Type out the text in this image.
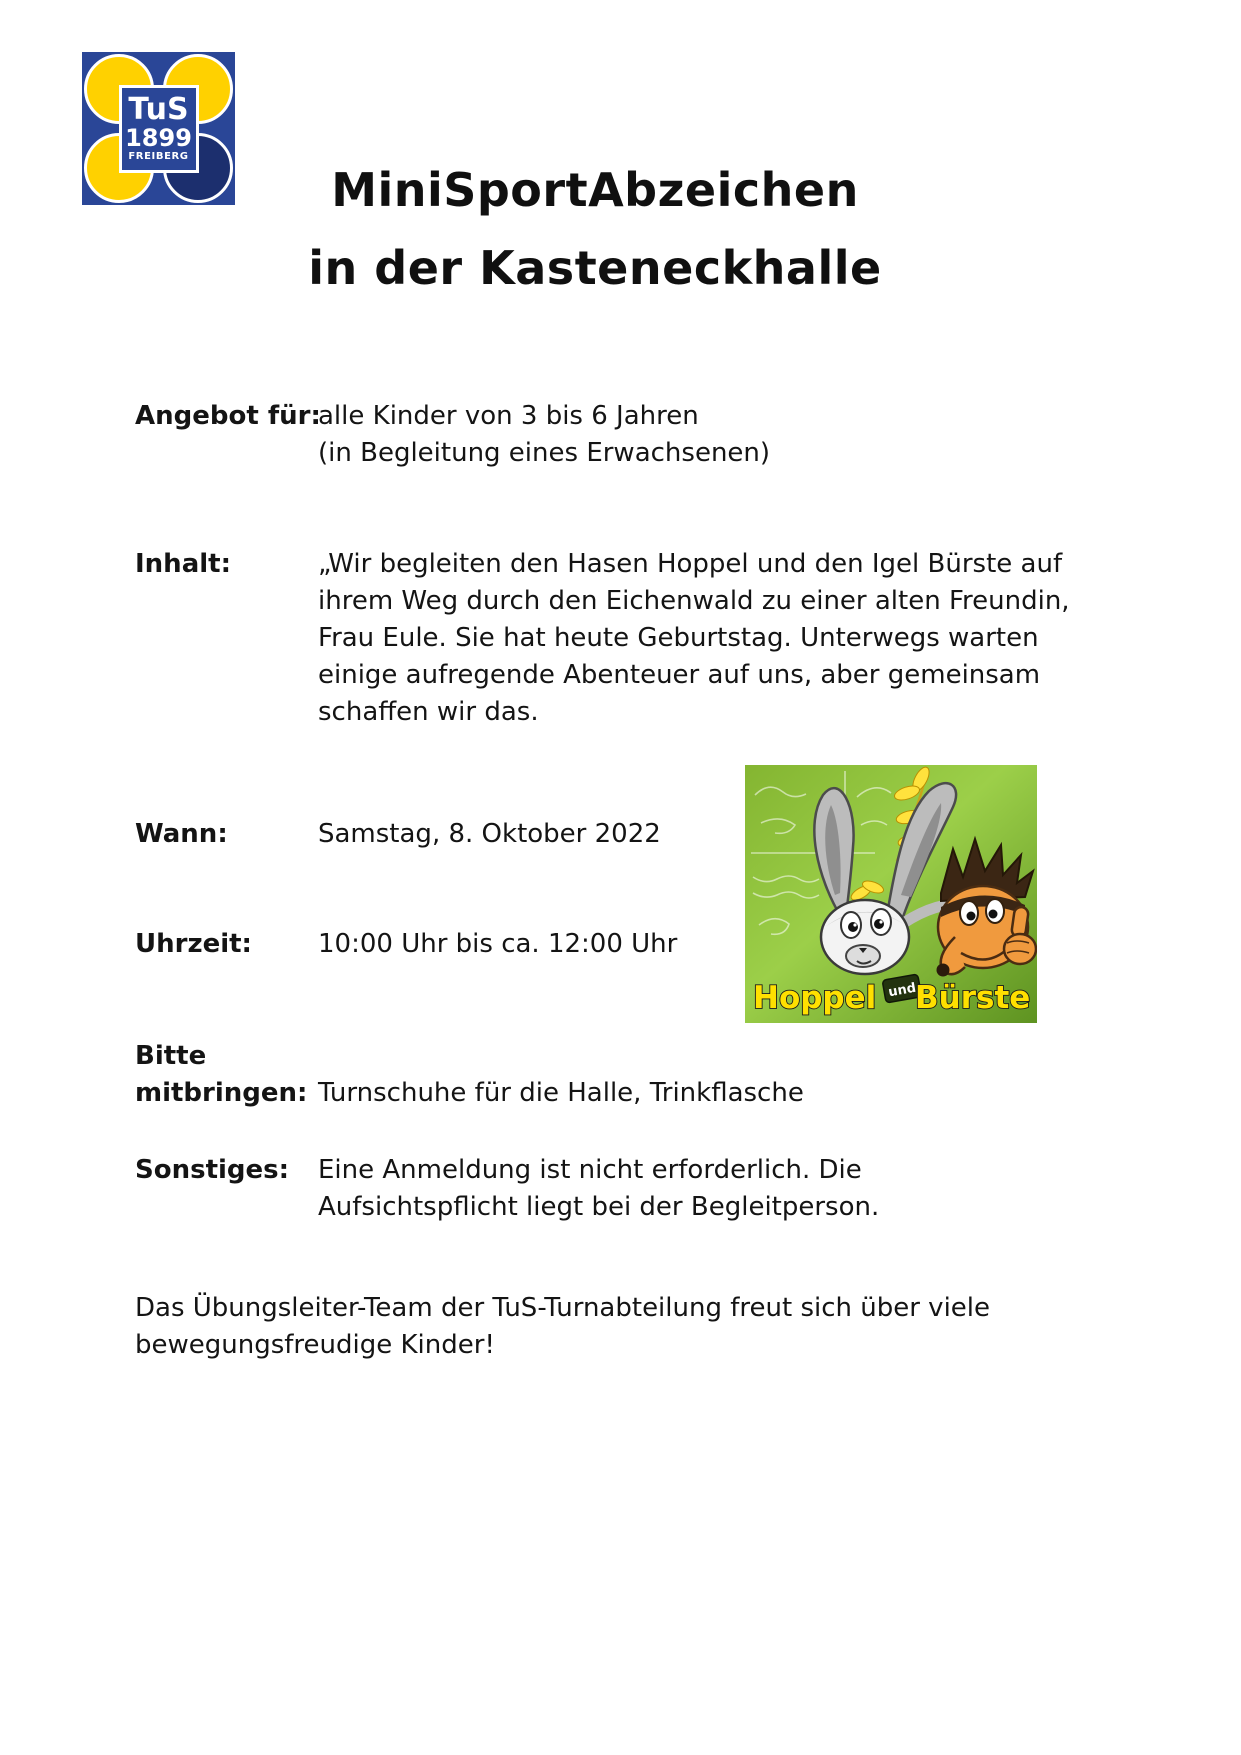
TuS
1899
FREIBERG
MiniSportAbzeichen
in der Kasteneckhalle
Angebot für:
alle Kinder von 3 bis 6 Jahren
(in Begleitung eines Erwachsenen)
Inhalt:	„Wir begleiten den Hasen Hoppel und den Igel Bürste auf
ihrem Weg durch den Eichenwald zu einer alten Freundin,
Frau Eule. Sie hat heute Geburtstag. Unterwegs warten
einige aufregende Abenteuer auf uns, aber gemeinsam
schaffen wir das.
Wann:	Samstag, 8. Oktober 2022
Uhrzeit:	10:00 Uhr bis ca. 12:00 Uhr
Bitte
mitbringen: Turnschuhe für die Halle, Trinkflasche
Sonstiges:	Eine Anmeldung ist nicht erforderlich. Die
Aufsichtspflicht liegt bei der Begleitperson.
Das Übungsleiter-Team der TuS-Turnabteilung freut sich über viele
bewegungsfreudige Kinder!
Hoppel und
Bürste
